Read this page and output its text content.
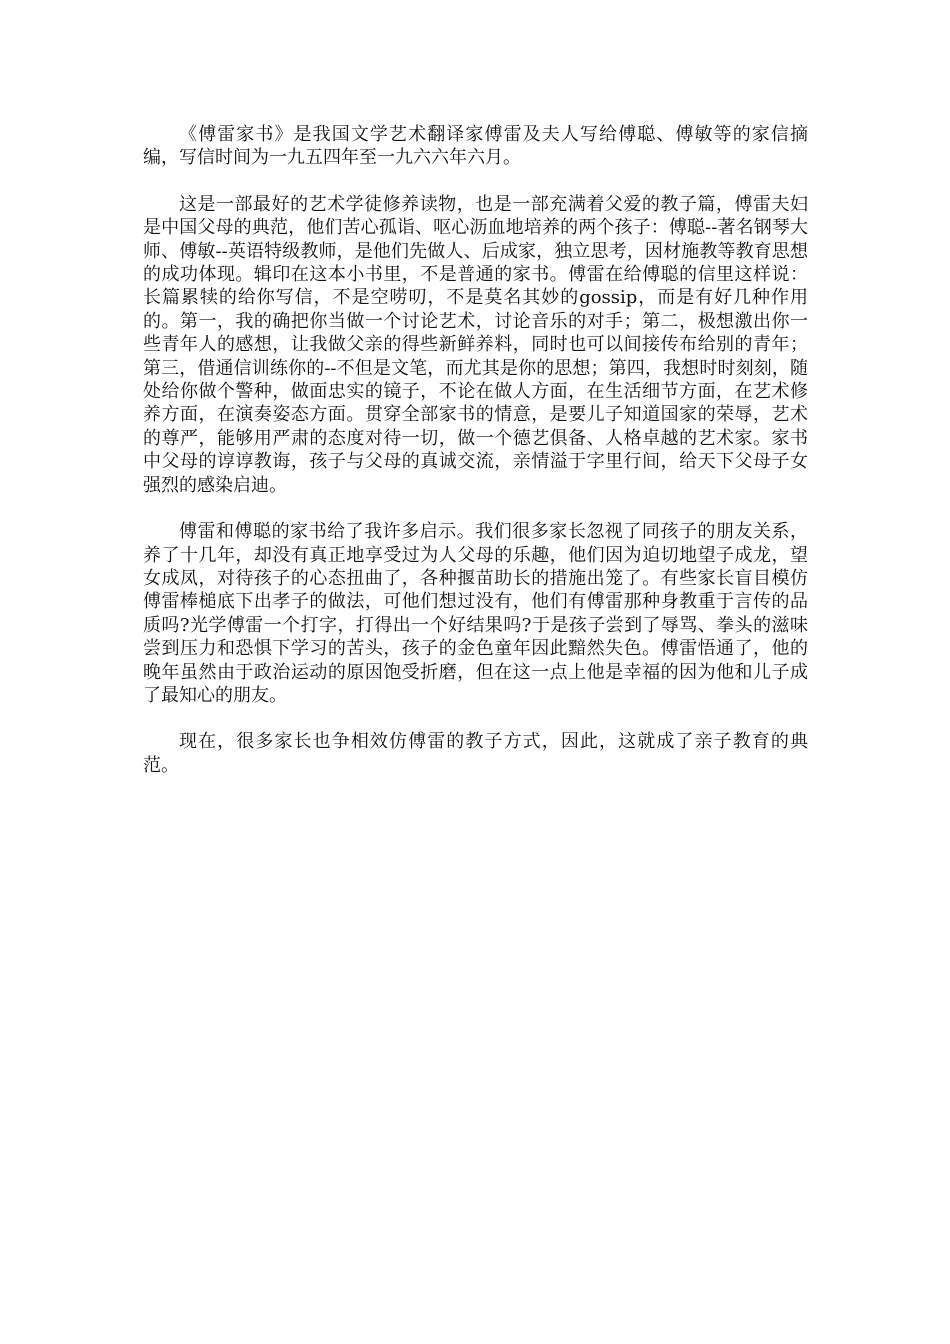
《傅雷家书》是我国文学艺术翻译家傅雷及夫人写给傅聪、傅敏等的家信摘编，写信时间为一九五四年至一九六六年六月。

这是一部最好的艺术学徒修养读物，也是一部充满着父爱的教子篇，傅雷夫妇是中国父母的典范，他们苦心孤诣、呕心沥血地培养的两个孩子：傅聪--著名钢琴大师、傅敏--英语特级教师，是他们先做人、后成家，独立思考，因材施教等教育思想的成功体现。辑印在这本小书里，不是普通的家书。傅雷在给傅聪的信里这样说：长篇累犊的给你写信，不是空唠叨，不是莫名其妙的gossip，而是有好几种作用的。第一，我的确把你当做一个讨论艺术，讨论音乐的对手；第二，极想激出你一些青年人的感想，让我做父亲的得些新鲜养料，同时也可以间接传布给别的青年；第三，借通信训练你的--不但是文笔，而尤其是你的思想；第四，我想时时刻刻，随处给你做个警种，做面忠实的镜子，不论在做人方面，在生活细节方面，在艺术修养方面，在演奏姿态方面。贯穿全部家书的情意，是要儿子知道国家的荣辱，艺术的尊严，能够用严肃的态度对待一切，做一个德艺俱备、人格卓越的艺术家。家书中父母的谆谆教诲，孩子与父母的真诚交流，亲情溢于字里行间，给天下父母子女强烈的感染启迪。

傅雷和傅聪的家书给了我许多启示。我们很多家长忽视了同孩子的朋友关系，养了十几年，却没有真正地享受过为人父母的乐趣，他们因为迫切地望子成龙，望女成凤，对待孩子的心态扭曲了，各种揠苗助长的措施出笼了。有些家长盲目模仿傅雷棒槌底下出孝子的做法，可他们想过没有，他们有傅雷那种身教重于言传的品质吗?光学傅雷一个打字，打得出一个好结果吗?于是孩子尝到了辱骂、拳头的滋味尝到压力和恐惧下学习的苦头，孩子的金色童年因此黯然失色。傅雷悟通了，他的晚年虽然由于政治运动的原因饱受折磨，但在这一点上他是幸福的因为他和儿子成了最知心的朋友。

现在，很多家长也争相效仿傅雷的教子方式，因此，这就成了亲子教育的典范。
